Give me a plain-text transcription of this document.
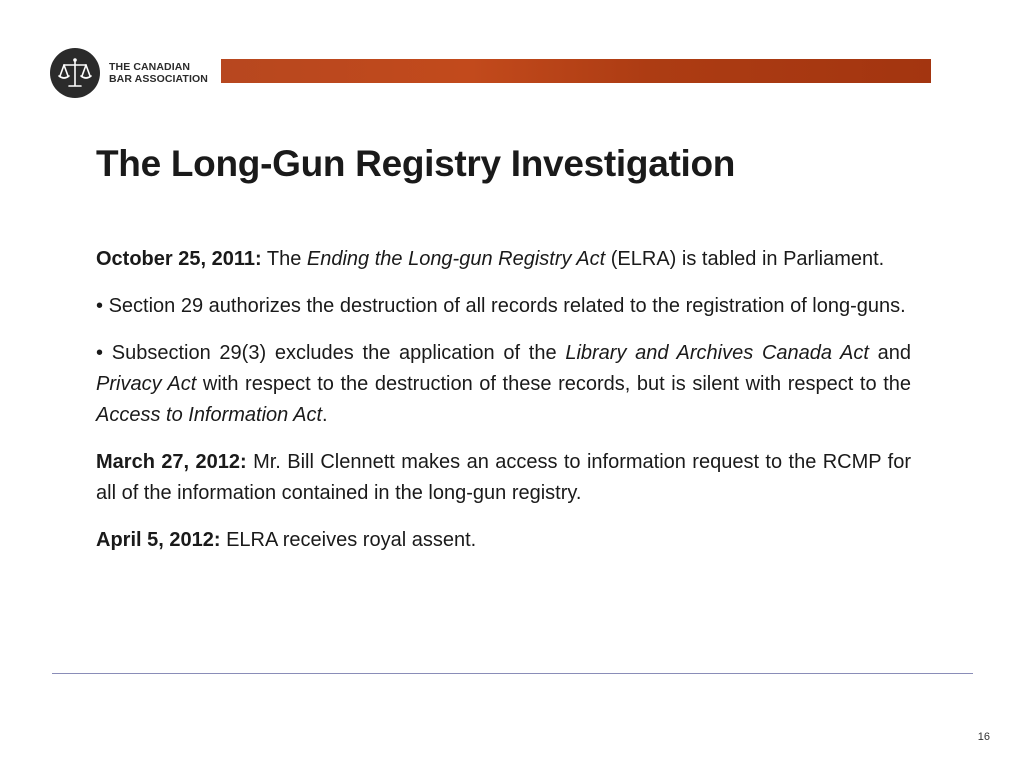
THE CANADIAN
BAR ASSOCIATION
The Long-Gun Registry Investigation

October 25, 2011: The Ending the Long-gun Registry Act (ELRA) is tabled in Parliament.

• Section 29 authorizes the destruction of all records related to the registration of long-guns.

• Subsection 29(3) excludes the application of the Library and Archives Canada Act and Privacy Act with respect to the destruction of these records, but is silent with respect to the Access to Information Act.

March 27, 2012: Mr. Bill Clennett makes an access to information request to the RCMP for all of the information contained in the long-gun registry.

April 5, 2012: ELRA receives royal assent.

16
